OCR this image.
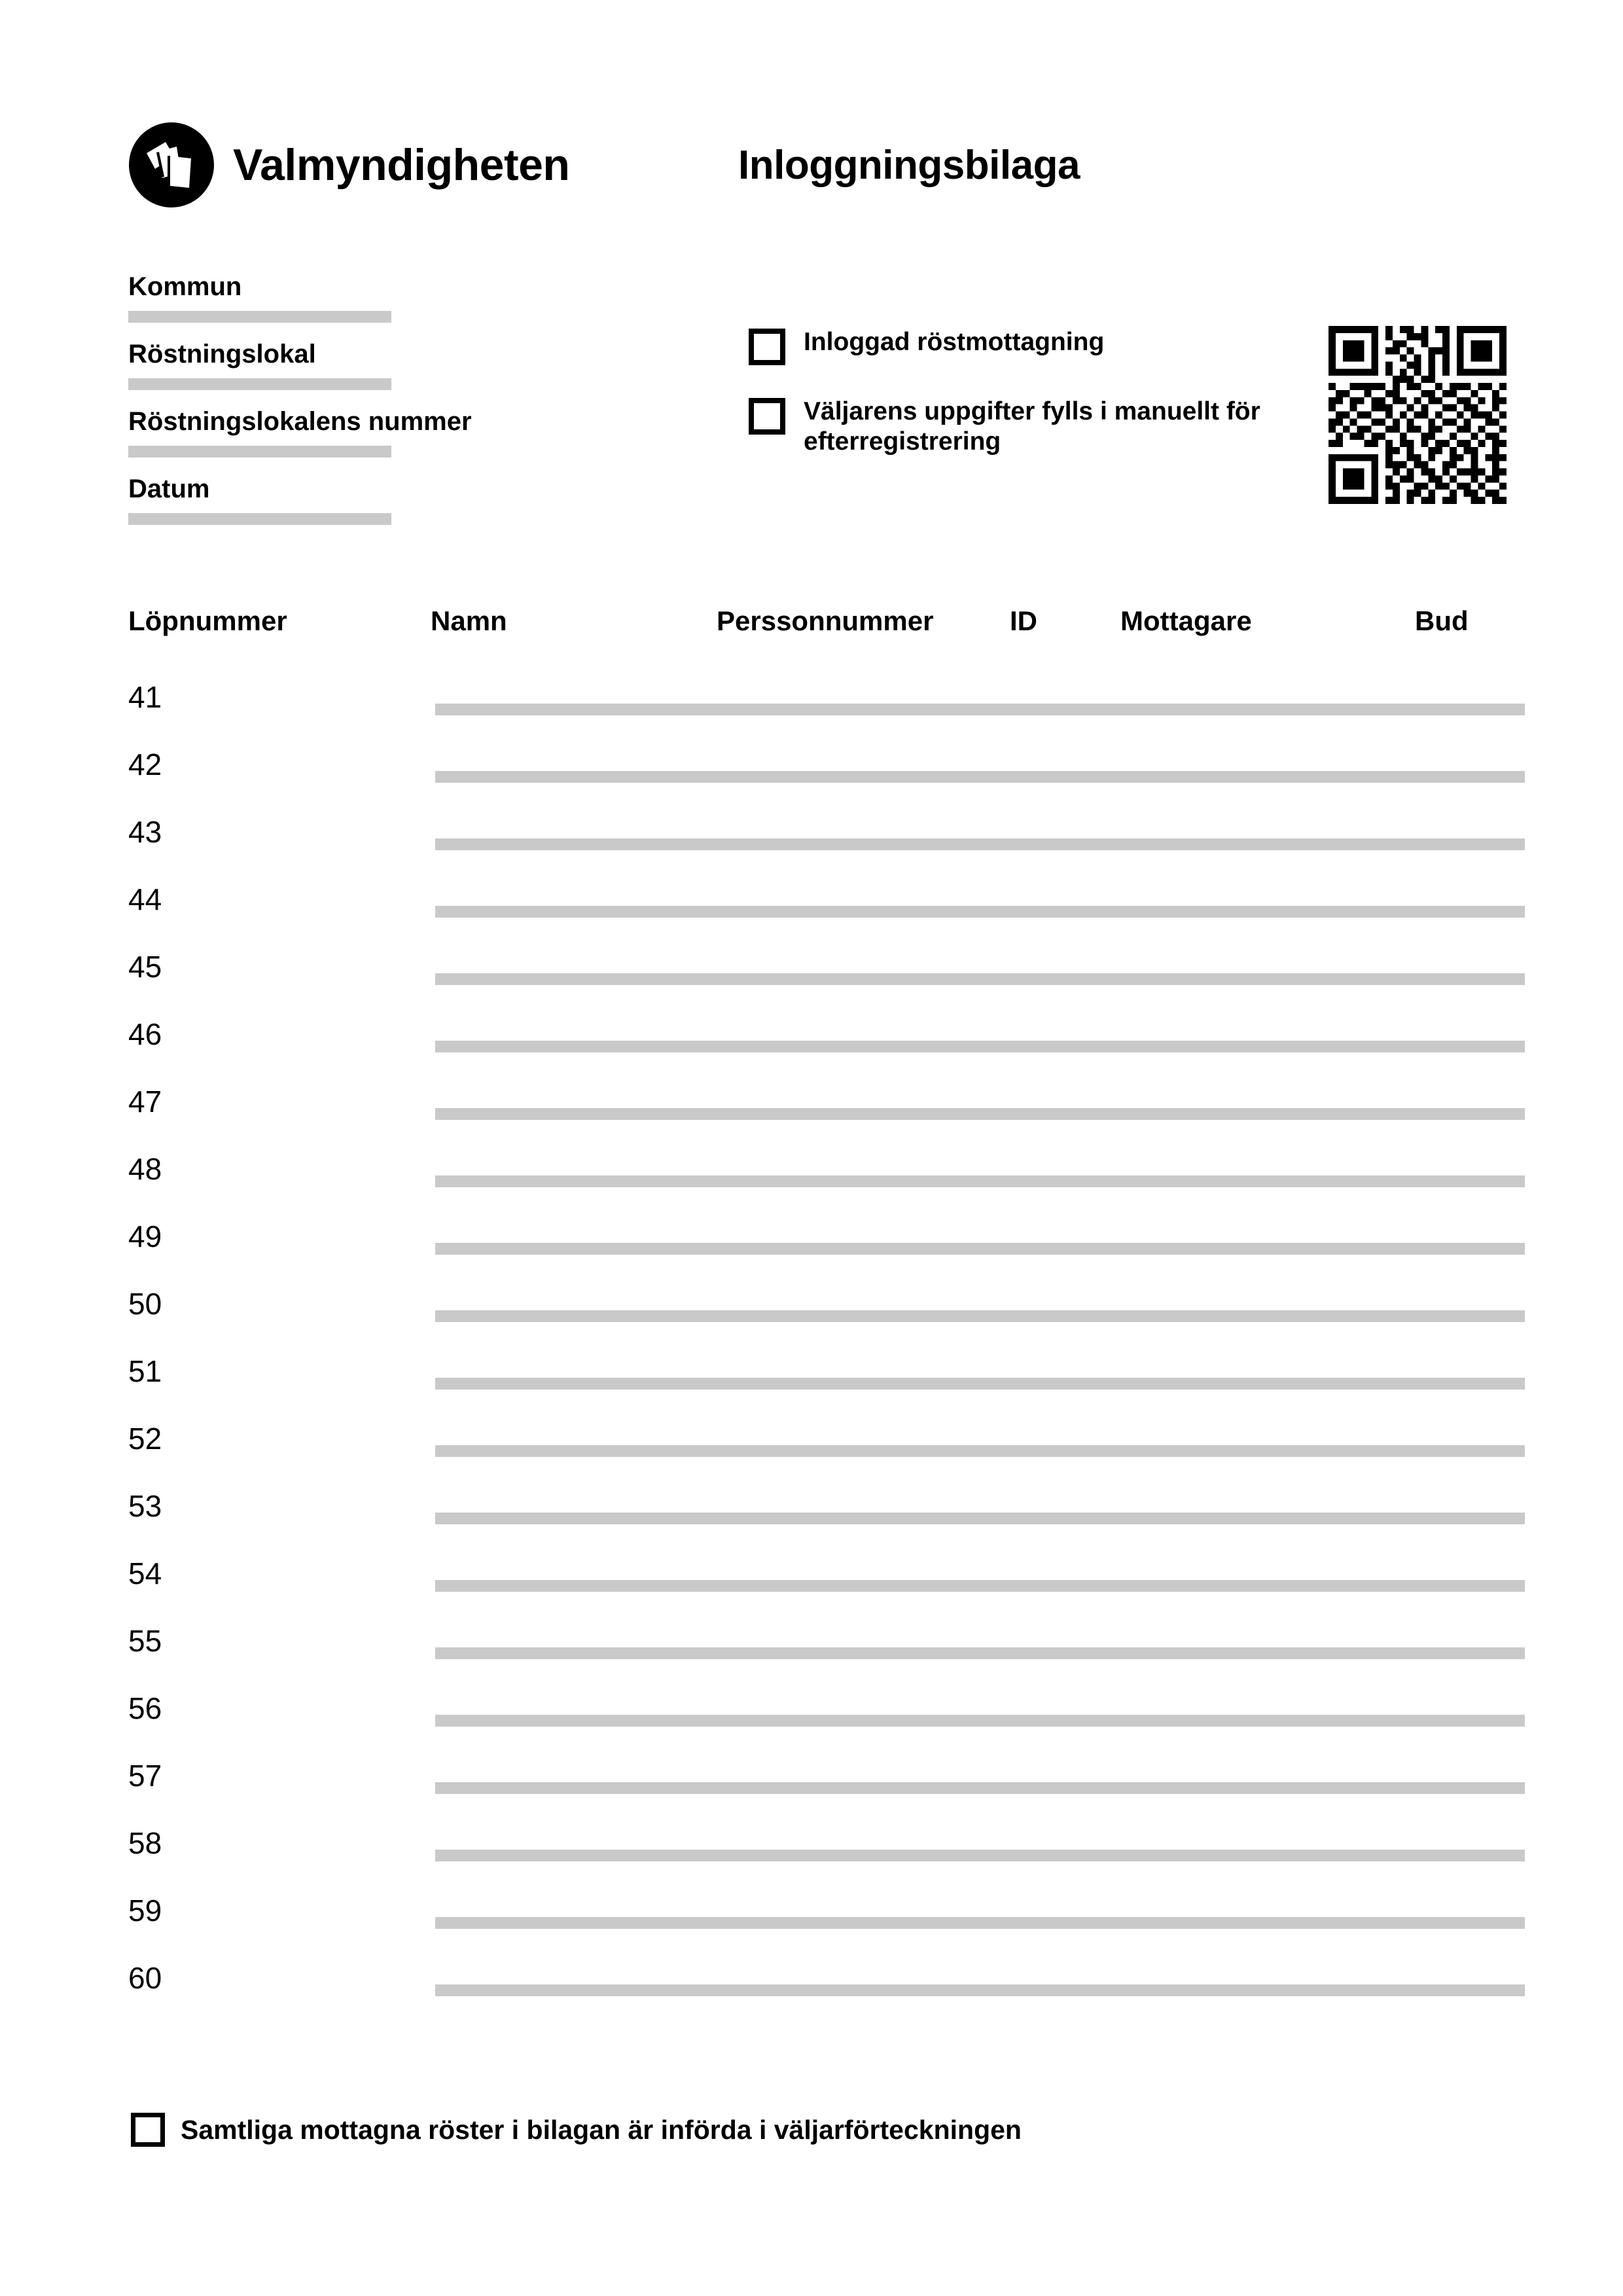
Valmyndigheten	Inloggningsbilaga
Kommun
Röstningslokal
Röstningslokalens nummer
Datum
Inloggad röstmottagning
Väljarens uppgifter fylls i manuellt för efterregistrering
Löpnummer	Namn	Perssonnummer	ID	Mottagare	Bud
41
42
43
44
45
46
47
48
49
50
51
52
53
54
55
56
57
58
59
60
Samtliga mottagna röster i bilagan är införda i väljarförteckningen
